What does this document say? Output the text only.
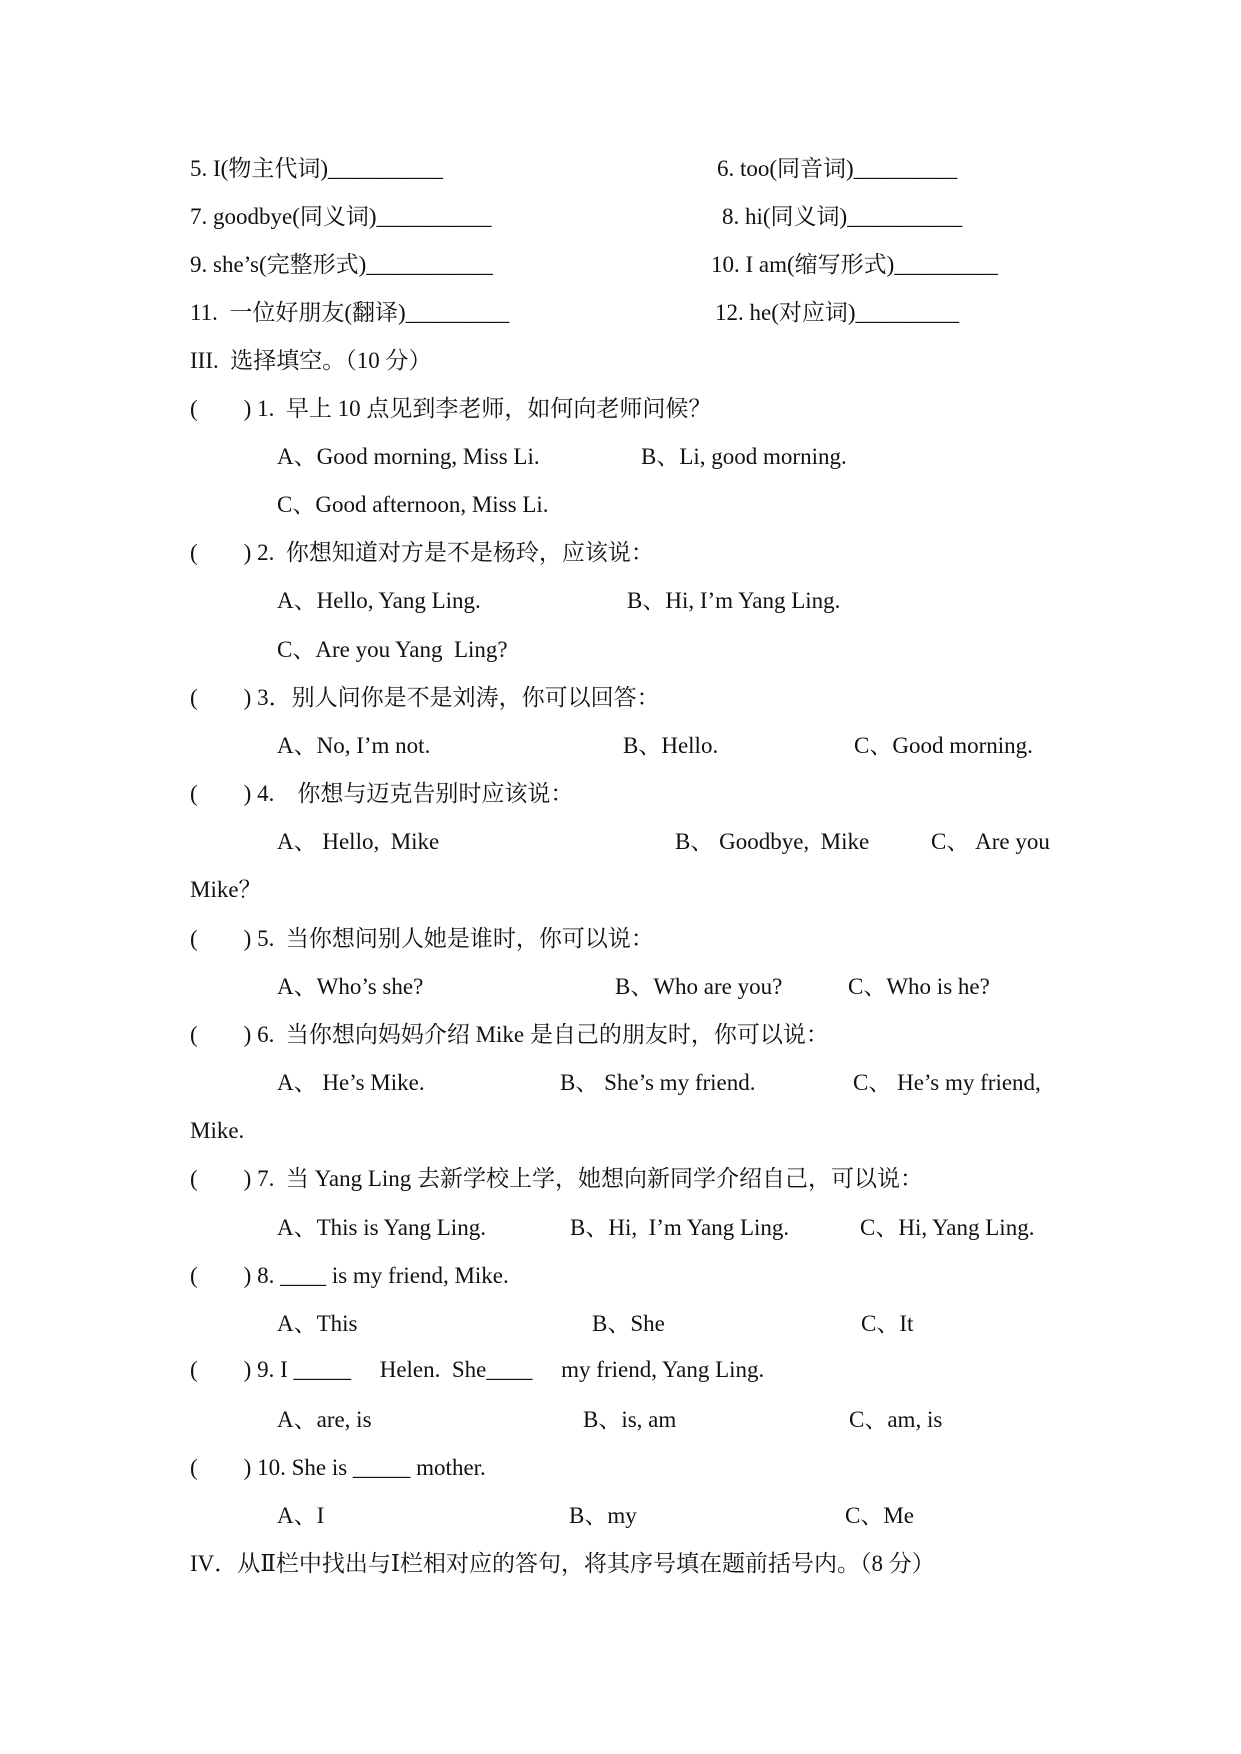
5. I(物主代词)__________	6. too(同音词)_________
7. goodbye(同义词)__________	8. hi(同义词)__________
9. she’s(完整形式)___________	10. I am(缩写形式)_________
11.  一位好朋友(翻译)_________	12. he(对应词)_________
III.  选择填空。（10 分）
(        ) 1.  早上 10 点见到李老师，如何向老师问候？
A、Good morning, Miss Li.	B、Li, good morning.
C、Good afternoon, Miss Li.
(        ) 2.  你想知道对方是不是杨玲，应该说：
A、Hello, Yang Ling.	B、Hi, I’m Yang Ling.
C、Are you Yang  Ling?
(        ) 3．别人问你是不是刘涛，你可以回答：
A、No, I’m not.	B、Hello.	C、Good morning.
(        ) 4.    你想与迈克告别时应该说：
A、 Hello,  Mike	B、 Goodbye,  Mike	C、 Are you
Mike？
(        ) 5.  当你想问别人她是谁时，你可以说：
A、Who’s she?	B、Who are you?	C、Who is he?
(        ) 6.  当你想向妈妈介绍 Mike 是自己的朋友时，你可以说：
A、 He’s Mike.	B、 She’s my friend.	C、 He’s my friend,
Mike.
(        ) 7.  当 Yang Ling 去新学校上学，她想向新同学介绍自己，可以说：
A、This is Yang Ling.	B、Hi,  I’m Yang Ling.	C、Hi, Yang Ling.
(        ) 8. ____ is my friend, Mike.
A、This	B、She	C、It
(        ) 9. I _____     Helen.  She____     my friend, Yang Ling.
A、are, is	B、is, am	C、am, is
(        ) 10. She is _____ mother.
A、I	B、my	C、Me
IV．从Ⅱ栏中找出与Ⅰ栏相对应的答句，将其序号填在题前括号内。（8 分）
